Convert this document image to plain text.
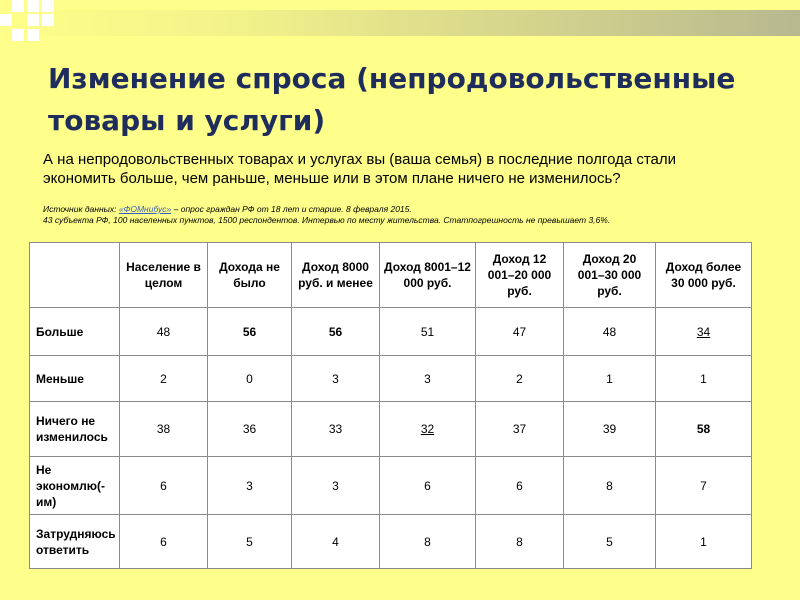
Изменение спроса (непродовольственные товары и услуги)
А на непродовольственных товарах и услугах вы (ваша семья) в последние полгода стали экономить больше, чем раньше, меньше или в этом плане ничего не изменилось?
Источник данных: «ФОМнибус» – опрос граждан РФ от 18 лет и старше. 8 февраля 2015.
43 субъекта РФ, 100 населенных пунктов, 1500 респондентов. Интервью по месту жительства. Статпогрешность не превышает 3,6%.
	Население в целом	Дохода не было	Доход 8000 руб. и менее	Доход 8001–12 000 руб.	Доход 12 001–20 000 руб.	Доход 20 001–30 000 руб.	Доход более 30 000 руб.
Больше	48	56	56	51	47	48	34
Меньше	2	0	3	3	2	1	1
Ничего не изменилось	38	36	33	32	37	39	58
Не экономлю(-им)	6	3	3	6	6	8	7
Затрудняюсь ответить	6	5	4	8	8	5	1
